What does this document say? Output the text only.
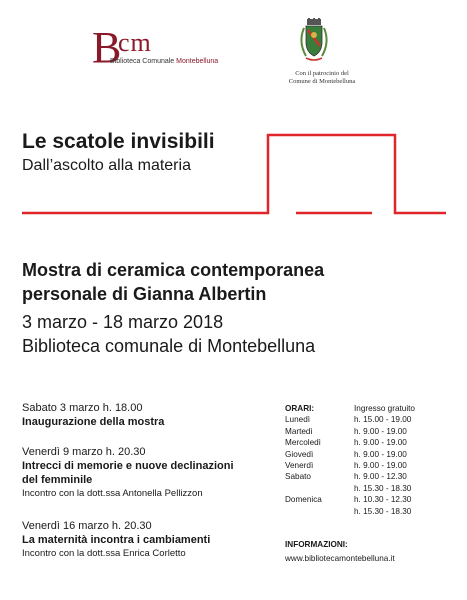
B
cm
Biblioteca Comunale Montebelluna
Con il patrocinio del
Comune di Montebelluna
Le scatole invisibili
Dall’ascolto alla materia
Mostra di ceramica contemporanea
personale di Gianna Albertin
3 marzo - 18 marzo 2018
Biblioteca comunale di Montebelluna
Sabato 3 marzo h. 18.00
Inaugurazione della mostra
Venerdì 9 marzo h. 20.30
Intrecci di memorie e nuove declinazioni
del femminile
Incontro con la dott.ssa Antonella Pellizzon
Venerdì 16 marzo h. 20.30
La maternità incontra i cambiamenti
Incontro con la dott.ssa Enrica Corletto
ORARI:	Ingresso gratuito
Lunedì	h. 15.00 - 19.00
Martedì	h. 9.00 - 19.00
Mercoledì	h. 9.00 - 19.00
Giovedì	h. 9.00 - 19.00
Venerdì	h. 9.00 - 19.00
Sabato	h. 9.00 - 12.30
	h. 15.30 - 18.30
Domenica	h. 10.30 - 12.30
	h. 15.30 - 18.30
INFORMAZIONI:
www.bibliotecamontebelluna.it
